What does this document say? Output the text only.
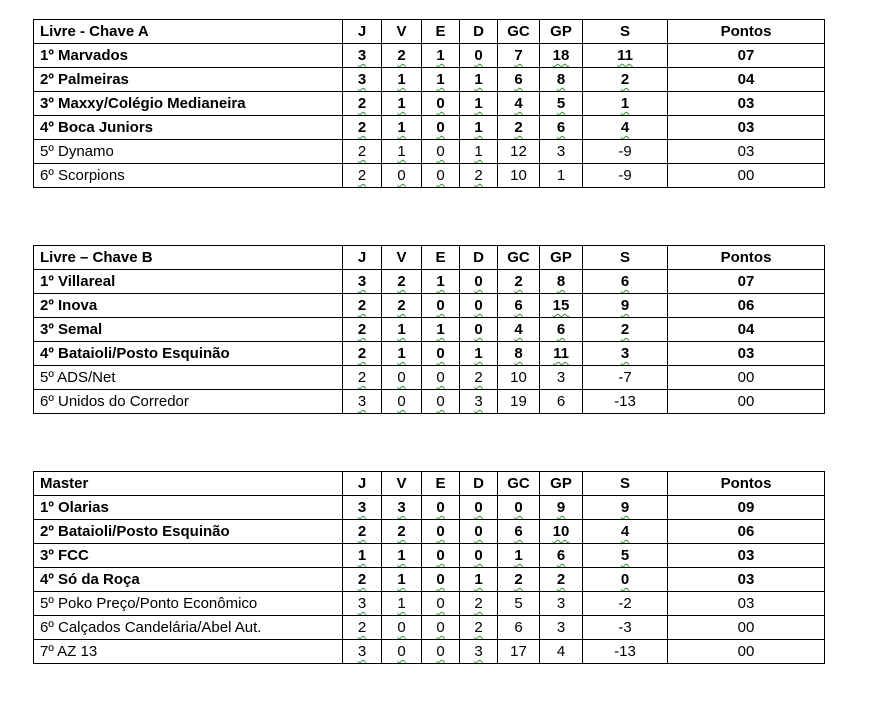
Livre - Chave A	J	V	E	D	GC	GP	S	Pontos
1º Marvados	3	2	1	0	7	18	11	07
2º Palmeiras	3	1	1	1	6	8	2	04
3º Maxxy/Colégio Medianeira	2	1	0	1	4	5	1	03
4º Boca Juniors	2	1	0	1	2	6	4	03
5º Dynamo	2	1	0	1	12	3	-9	03
6º Scorpions	2	0	0	2	10	1	-9	00
Livre – Chave B	J	V	E	D	GC	GP	S	Pontos
1º Villareal	3	2	1	0	2	8	6	07
2º Inova	2	2	0	0	6	15	9	06
3º Semal	2	1	1	0	4	6	2	04
4º Bataioli/Posto Esquinão	2	1	0	1	8	11	3	03
5º ADS/Net	2	0	0	2	10	3	-7	00
6º Unidos do Corredor	3	0	0	3	19	6	-13	00
Master	J	V	E	D	GC	GP	S	Pontos
1º Olarias	3	3	0	0	0	9	9	09
2º Bataioli/Posto Esquinão	2	2	0	0	6	10	4	06
3º FCC	1	1	0	0	1	6	5	03
4º Só da Roça	2	1	0	1	2	2	0	03
5º Poko Preço/Ponto Econômico	3	1	0	2	5	3	-2	03
6º Calçados Candelária/Abel Aut.	2	0	0	2	6	3	-3	00
7º AZ 13	3	0	0	3	17	4	-13	00
